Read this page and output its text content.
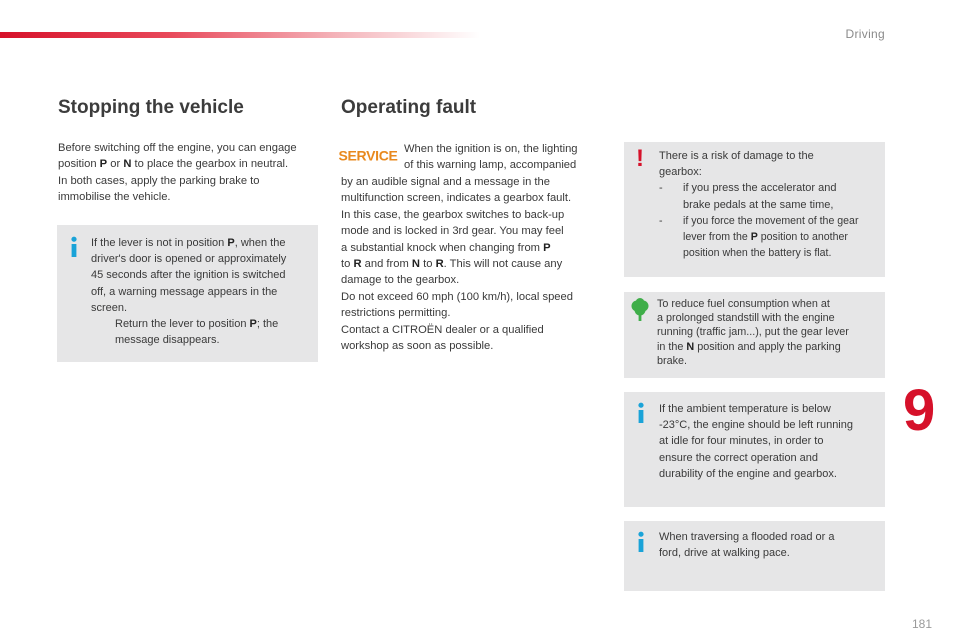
Driving
Stopping the vehicle
Before switching off the engine, you can engage
position P or N to place the gearbox in neutral.
In both cases, apply the parking brake to
immobilise the vehicle.
If the lever is not in position P, when the
driver's door is opened or approximately
45 seconds after the ignition is switched
off, a warning message appears in the
screen.
Return the lever to position P; the
message disappears.
Operating fault
SERVICE When the ignition is on, the lighting
of this warning lamp, accompanied
by an audible signal and a message in the
multifunction screen, indicates a gearbox fault.
In this case, the gearbox switches to back-up
mode and is locked in 3rd gear. You may feel
a substantial knock when changing from P
to R and from N to R. This will not cause any
damage to the gearbox.
Do not exceed 60 mph (100 km/h), local speed
restrictions permitting.
Contact a CITROËN dealer or a qualified
workshop as soon as possible.
! There is a risk of damage to the
gearbox:
-	if you press the accelerator and
brake pedals at the same time,
-	if you force the movement of the gear
lever from the P position to another
position when the battery is flat.
To reduce fuel consumption when at
a prolonged standstill with the engine
running (traffic jam...), put the gear lever
in the N position and apply the parking
brake.
If the ambient temperature is below
-23°C, the engine should be left running
at idle for four minutes, in order to
ensure the correct operation and
durability of the engine and gearbox.
When traversing a flooded road or a
ford, drive at walking pace.
9
181
